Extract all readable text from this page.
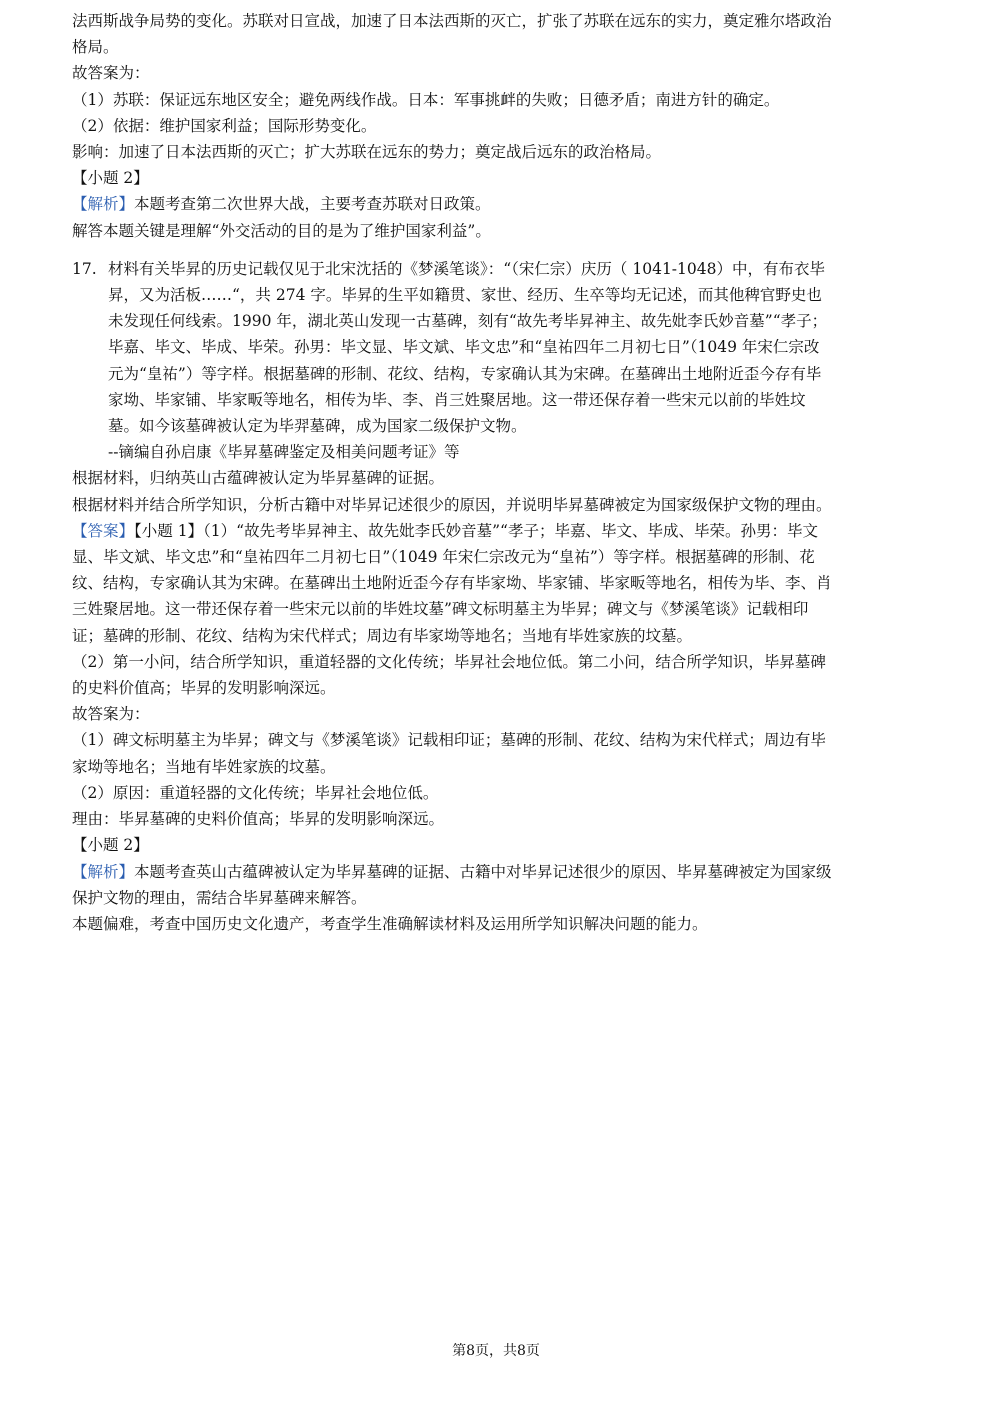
法西斯战争局势的变化。苏联对日宣战，加速了日本法西斯的灭亡，扩张了苏联在远东的实力，奠定雅尔塔政治格局。

故答案为：

（1）苏联：保证远东地区安全；避免两线作战。日本：军事挑衅的失败；日德矛盾；南进方针的确定。

（2）依据：维护国家利益；国际形势变化。

影响：加速了日本法西斯的灭亡；扩大苏联在远东的势力；奠定战后远东的政治格局。

【小题 2】

【解析】本题考查第二次世界大战，主要考查苏联对日政策。

解答本题关键是理解“外交活动的目的是为了维护国家利益”。

17. 材料有关毕昇的历史记载仅见于北宋沈括的《梦溪笔谈》：“（宋仁宗）庆历（ 1041-1048）中，有布衣毕昇，又为活板……“，共 274 字。毕昇的生平如籍贯、家世、经历、生卒等均无记述，而其他稗官野史也未发现任何线索。1990 年，湖北英山发现一古墓碑，刻有“故先考毕昇神主、故先妣李氏妙音墓”“孝子；毕嘉、毕文、毕成、毕荣。孙男：毕文显、毕文斌、毕文忠”和“皇祐四年二月初七日”（1049 年宋仁宗改元为“皇祐”）等字样。根据墓碑的形制、花纹、结构，专家确认其为宋碑。在墓碑出土地附近歪今存有毕家坳、毕家铺、毕家畈等地名，相传为毕、李、肖三姓聚居地。这一带还保存着一些宋元以前的毕姓坟墓。如今该墓碑被认定为毕羿墓碑，成为国家二级保护文物。

--镝编自孙启康《毕昇墓碑鉴定及相美问题考证》等

根据材料，归纳英山古蕴碑被认定为毕昇墓碑的证据。

根据材料并结合所学知识，分析古籍中对毕昇记述很少的原因，并说明毕昇墓碑被定为国家级保护文物的理由。

【答案】【小题 1】（1）“故先考毕昇神主、故先妣李氏妙音墓”“孝子；毕嘉、毕文、毕成、毕荣。孙男：毕文显、毕文斌、毕文忠”和“皇祐四年二月初七日”（1049 年宋仁宗改元为“皇祐”）等字样。根据墓碑的形制、花纹、结构，专家确认其为宋碑。在墓碑出土地附近歪今存有毕家坳、毕家铺、毕家畈等地名，相传为毕、李、肖三姓聚居地。这一带还保存着一些宋元以前的毕姓坟墓”碑文标明墓主为毕昇；碑文与《梦溪笔谈》记载相印证；墓碑的形制、花纹、结构为宋代样式；周边有毕家坳等地名；当地有毕姓家族的坟墓。

（2）第一小问，结合所学知识，重道轻器的文化传统；毕昇社会地位低。第二小问，结合所学知识，毕昇墓碑的史料价值高；毕昇的发明影响深远。

故答案为：

（1）碑文标明墓主为毕昇；碑文与《梦溪笔谈》记载相印证；墓碑的形制、花纹、结构为宋代样式；周边有毕家坳等地名；当地有毕姓家族的坟墓。

（2）原因：重道轻器的文化传统；毕昇社会地位低。

理由：毕昇墓碑的史料价值高；毕昇的发明影响深远。

【小题 2】

【解析】本题考查英山古蕴碑被认定为毕昇墓碑的证据、古籍中对毕昇记述很少的原因、毕昇墓碑被定为国家级保护文物的理由，需结合毕昇墓碑来解答。

本题偏难，考查中国历史文化遗产，考查学生准确解读材料及运用所学知识解决问题的能力。

第8页，共8页
